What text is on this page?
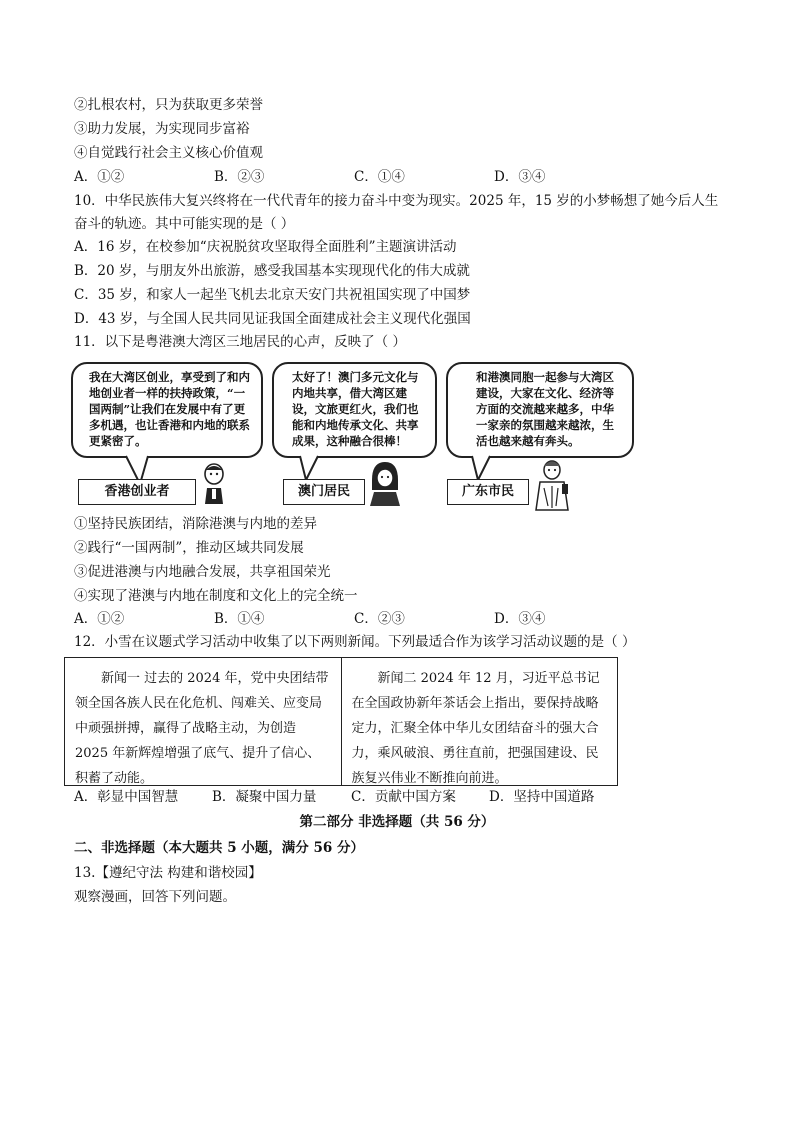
②扎根农村，只为获取更多荣誉
③助力发展，为实现同步富裕
④自觉践行社会主义核心价值观
A．①②	B．②③	C．①④	D．③④
10．中华民族伟大复兴终将在一代代青年的接力奋斗中变为现实。2025 年，15 岁的小梦畅想了她今后人生
奋斗的轨迹。其中可能实现的是（ ）
A．16 岁，在校参加“庆祝脱贫攻坚取得全面胜利”主题演讲活动
B．20 岁，与朋友外出旅游，感受我国基本实现现代化的伟大成就
C．35 岁，和家人一起坐飞机去北京天安门共祝祖国实现了中国梦
D．43 岁，与全国人民共同见证我国全面建成社会主义现代化强国
11．以下是粤港澳大湾区三地居民的心声，反映了（ ）
我在大湾区创业，享受到了和内地创业者一样的扶持政策，“一国两制”让我们在发展中有了更多机遇，也让香港和内地的联系更紧密了。
香港创业者
太好了！澳门多元文化与内地共享，借大湾区建设，文旅更红火，我们也能和内地传承文化、共享成果，这种融合很棒！
澳门居民
和港澳同胞一起参与大湾区建设，大家在文化、经济等方面的交流越来越多，中华一家亲的氛围越来越浓，生活也越来越有奔头。
广东市民
①坚持民族团结，消除港澳与内地的差异
②践行“一国两制”，推动区域共同发展
③促进港澳与内地融合发展，共享祖国荣光
④实现了港澳与内地在制度和文化上的完全统一
A．①②	B．①④	C．②③	D．③④
12．小雪在议题式学习活动中收集了以下两则新闻。下列最适合作为该学习活动议题的是（ ）
新闻一 过去的 2024 年，党中央团结带领全国各族人民在化危机、闯难关、应变局中顽强拼搏，赢得了战略主动，为创造 2025 年新辉煌增强了底气、提升了信心、积蓄了动能。
新闻二 2024 年 12 月，习近平总书记在全国政协新年茶话会上指出，要保持战略定力，汇聚全体中华儿女团结奋斗的强大合力，乘风破浪、勇往直前，把强国建设、民族复兴伟业不断推向前进。
A．彰显中国智慧	B．凝聚中国力量	C．贡献中国方案	D．坚持中国道路
第二部分 非选择题（共 56 分）
二、非选择题（本大题共 5 小题，满分 56 分）
13.【遵纪守法 构建和谐校园】
观察漫画，回答下列问题。
